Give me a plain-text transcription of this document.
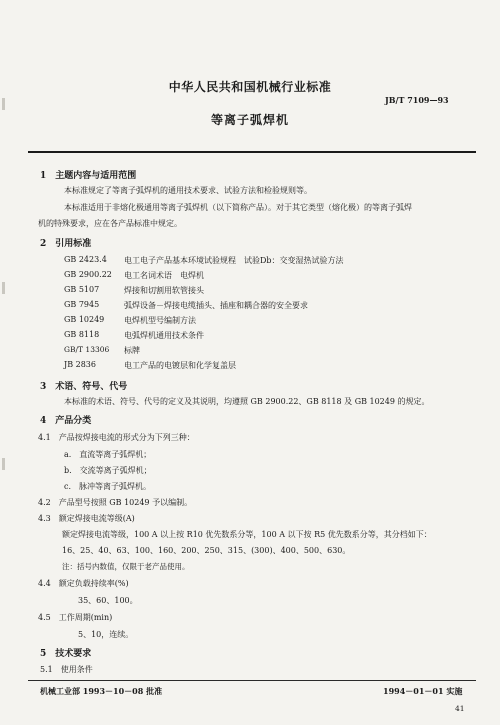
中华人民共和国机械行业标准
JB/T 7109—93
等离子弧焊机
1　主题内容与适用范围
本标准规定了等离子弧焊机的通用技术要求、试验方法和检验规则等。
本标准适用于非熔化极通用等离子弧焊机（以下简称产品）。对于其它类型（熔化极）的等离子弧焊
机的特殊要求，应在各产品标准中规定。
2　引用标准
GB 2423.4 电工电子产品基本环境试验规程　试验Db：交变湿热试验方法
GB 2900.22 电工名词术语　电焊机
GB 5107	焊接和切割用软管接头
GB 7945	弧焊设备－焊接电缆插头、插座和耦合器的安全要求
GB 10249 电焊机型号编制方法
GB 8118	电弧焊机通用技术条件
GB/T 13306 标牌
JB 2836	电工产品的电镀层和化学复盖层
3　术语、符号、代号
本标准的术语、符号、代号的定义及其说明，均遵照 GB 2900.22、GB 8118 及 GB 10249 的规定。
4　产品分类
4.1　产品按焊接电流的形式分为下列三种：
a.　直流等离子弧焊机；
b.　交流等离子弧焊机；
c.　脉冲等离子弧焊机。
4.2　产品型号按照 GB 10249 予以编制。
4.3　额定焊接电流等级(A)
额定焊接电流等级，100 A 以上按 R10 优先数系分等，100 A 以下按 R5 优先数系分等，其分档如下：
16、25、40、63、100、160、200、250、315、(300)、400、500、630。
注：括号内数值，仅限于老产品使用。
4.4　额定负载持续率(%)
35、60、100。
4.5　工作周期(min)
5、10，连续。
5　技术要求
5.1　使用条件
机械工业部 1993－10－08 批准	1994－01－01 实施
41
